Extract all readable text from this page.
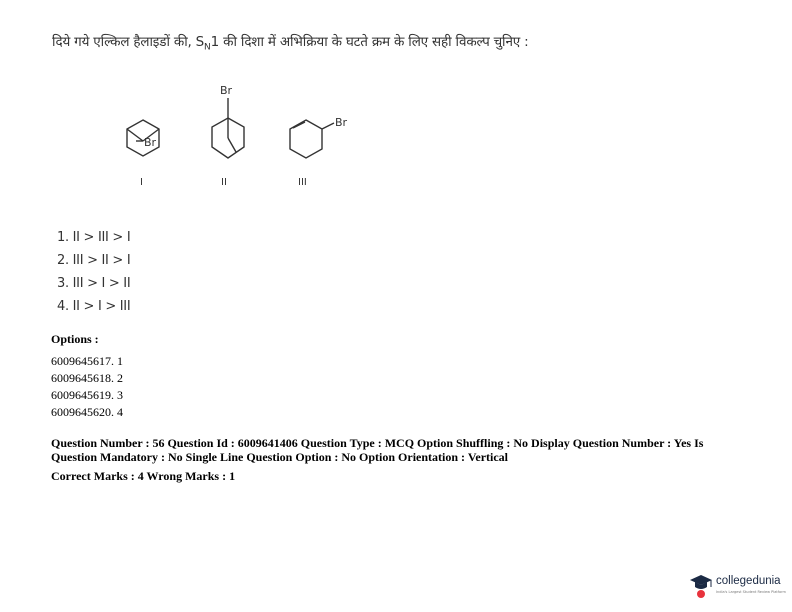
दिये गये एल्किल हैलाइडों की, $S_N1$ की दिशा में अभिक्रिया के घटते क्रम के लिए सही विकल्प चुनिए :
Br
I
Br
II
Br
III
1. II > III > I
2. III > II > I
3. III > I > II
4. II > I > III
Options :
6009645617. 1
6009645618. 2
6009645619. 3
6009645620. 4
Question Number : 56 Question Id : 6009641406 Question Type : MCQ Option Shuffling : No Display Question Number : Yes Is Question Mandatory : No Single Line Question Option : No Option Orientation : Vertical
Correct Marks : 4 Wrong Marks : 1
collegedunia
India's Largest Student Review Platform
